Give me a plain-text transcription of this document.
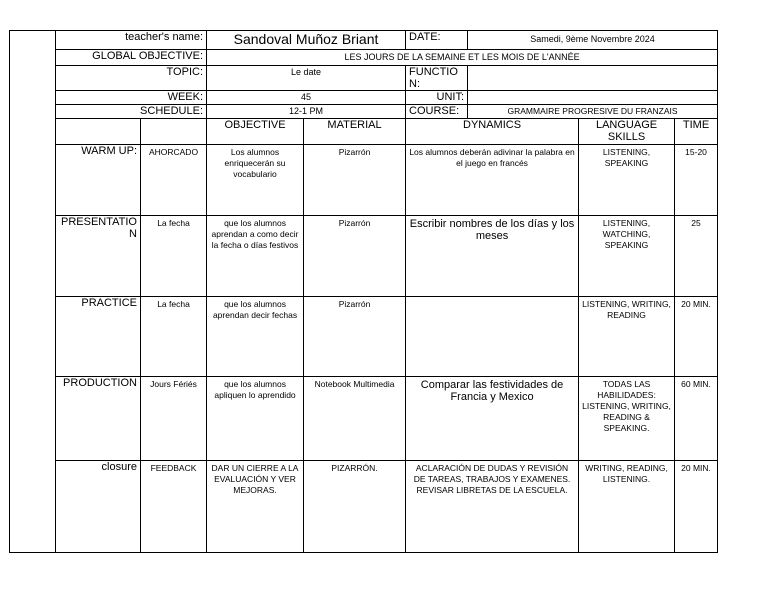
	teacher's name:		Sandoval Muñoz Briant		DATE:	Samedi, 9ème Novembre 2024		
	GLOBAL OBJECTIVE:		LES JOURS DE LA SEMAINE ET LES MOIS DE L'ANNÉE					
	TOPIC:		Le date		FUNCTIO N:			
	WEEK:		45		UNIT:			
	SCHEDULE:		12-1 PM		COURSE:	GRAMMAIRE PROGRESIVE DU FRANZAIS		
			OBJECTIVE	MATERIAL	DYNAMICS		LANGUAGE SKILLS	TIME
	WARM UP:	AHORCADO	Los alumnos enriquecerán su vocabulario	Pizarrón	Los alumnos deberán adivinar la palabra en el juego en francés		LISTENING, SPEAKING	15-20
	PRESENTATIO N	La fecha	que los alumnos aprendan a como decir la fecha o días festivos	Pizarrón	Escribir nombres de los días y los meses		LISTENING, WATCHING, SPEAKING	25
	PRACTICE	La fecha	que los alumnos aprendan decir fechas	Pizarrón			LISTENING, WRITING, READING	20 MIN.
	PRODUCTION	Jours Fériés	que los alumnos apliquen lo aprendido	Notebook Multimedia	Comparar las festividades de Francia y Mexico		TODAS LAS HABILIDADES: LISTENING, WRITING, READING & SPEAKING.	60 MIN.
	closure	FEEDBACK	DAR UN CIERRE A LA EVALUACIÓN Y VER MEJORAS.	PIZARRÓN.	ACLARACIÓN DE DUDAS Y REVISIÓN DE TAREAS, TRABAJOS Y EXAMENES. REVISAR LIBRETAS DE LA ESCUELA.		WRITING, READING, LISTENING.	20 MIN.
